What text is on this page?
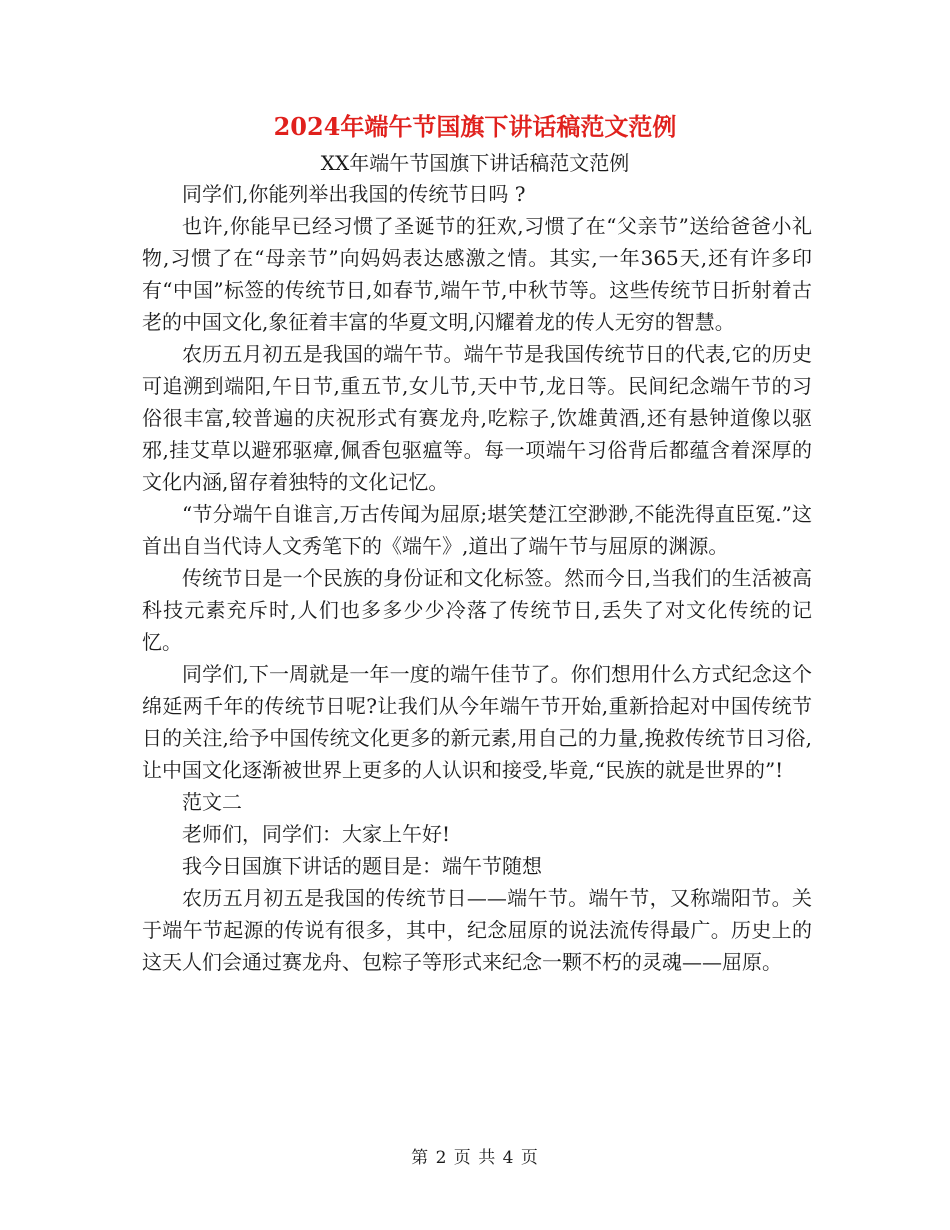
2024年端午节国旗下讲话稿范文范例

XX年端午节国旗下讲话稿范文范例

同学们,你能列举出我国的传统节日吗 ?

也许,你能早已经习惯了圣诞节的狂欢,习惯了在“父亲节”送给爸爸小礼物,习惯了在“母亲节”向妈妈表达感激之情。其实,一年365天,还有许多印有“中国”标签的传统节日,如春节,端午节,中秋节等。这些传统节日折射着古老的中国文化,象征着丰富的华夏文明,闪耀着龙的传人无穷的智慧。

农历五月初五是我国的端午节。端午节是我国传统节日的代表,它的历史可追溯到端阳,午日节,重五节,女儿节,天中节,龙日等。民间纪念端午节的习俗很丰富,较普遍的庆祝形式有赛龙舟,吃粽子,饮雄黄酒,还有悬钟道像以驱邪,挂艾草以避邪驱瘴,佩香包驱瘟等。每一项端午习俗背后都蕴含着深厚的文化内涵,留存着独特的文化记忆。

“节分端午自谁言,万古传闻为屈原;堪笑楚江空渺渺,不能洗得直臣冤.”这首出自当代诗人文秀笔下的《端午》,道出了端午节与屈原的渊源。

传统节日是一个民族的身份证和文化标签。然而今日,当我们的生活被高科技元素充斥时,人们也多多少少冷落了传统节日,丢失了对文化传统的记忆。

同学们,下一周就是一年一度的端午佳节了。你们想用什么方式纪念这个绵延两千年的传统节日呢?让我们从今年端午节开始,重新拾起对中国传统节日的关注,给予中国传统文化更多的新元素,用自己的力量,挽救传统节日习俗,让中国文化逐渐被世界上更多的人认识和接受,毕竟,“民族的就是世界的”!

范文二

老师们，同学们：大家上午好!

我今日国旗下讲话的题目是：端午节随想

农历五月初五是我国的传统节日——端午节。端午节，又称端阳节。关于端午节起源的传说有很多，其中，纪念屈原的说法流传得最广。历史上的这天人们会通过赛龙舟、包粽子等形式来纪念一颗不朽的灵魂——屈原。

第 2 页 共 4 页
